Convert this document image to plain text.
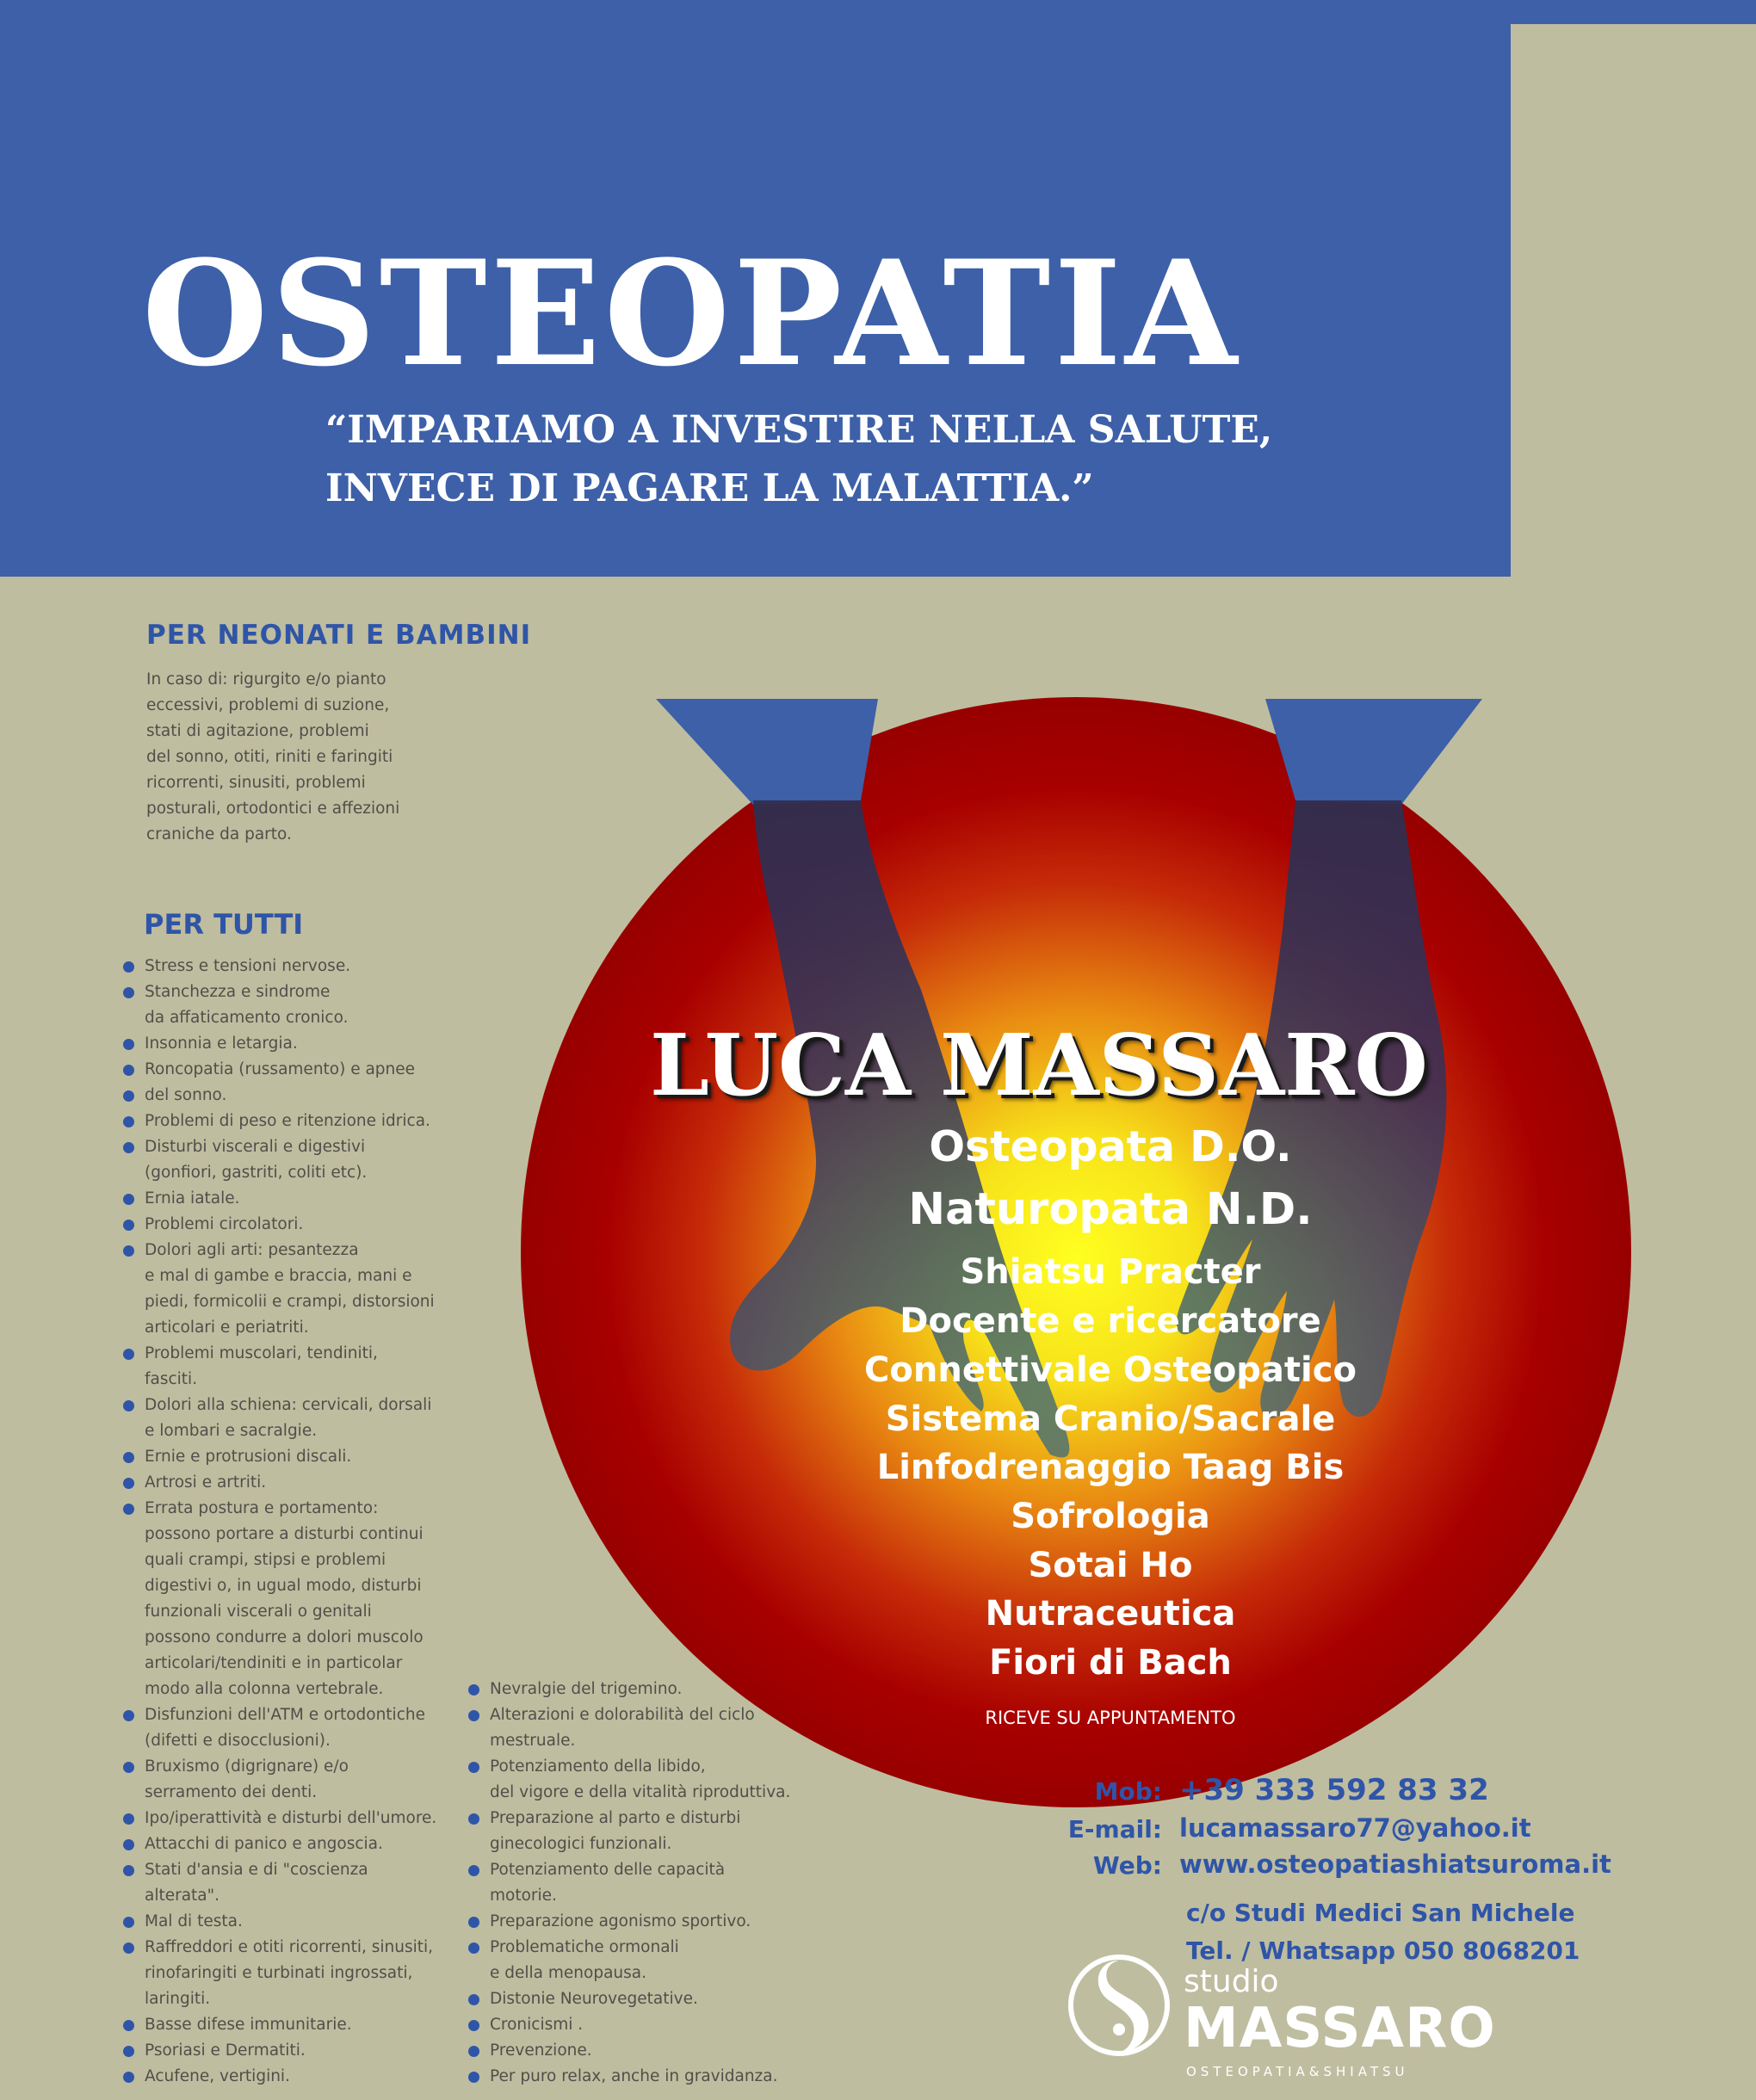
OSTEOPATIA
“IMPARIAMO A INVESTIRE NELLA SALUTE,
INVECE DI PAGARE LA MALATTIA.”
PER NEONATI E BAMBINI
In caso di: rigurgito e/o pianto
eccessivi, problemi di suzione,
stati di agitazione, problemi
del sonno, otiti, riniti e faringiti
ricorrenti, sinusiti, problemi
posturali, ortodontici e affezioni
craniche da parto.
PER TUTTI
Stress e tensioni nervose.
Stanchezza e sindrome
da affaticamento cronico.
Insonnia e letargia.
Roncopatia (russamento) e apnee
del sonno.
Problemi di peso e ritenzione idrica.
Disturbi viscerali e digestivi
(gonfiori, gastriti, coliti etc).
Ernia iatale.
Problemi circolatori.
Dolori agli arti: pesantezza
e mal di gambe e braccia, mani e
piedi, formicolii e crampi, distorsioni
articolari e periatriti.
Problemi muscolari, tendiniti,
fasciti.
Dolori alla schiena: cervicali, dorsali
e lombari e sacralgie.
Ernie e protrusioni discali.
Artrosi e artriti.
Errata postura e portamento:
possono portare a disturbi continui
quali crampi, stipsi e problemi
digestivi o, in ugual modo, disturbi
funzionali viscerali o genitali
possono condurre a dolori muscolo
articolari/tendiniti e in particolar
modo alla colonna vertebrale.
Disfunzioni dell'ATM e ortodontiche
(difetti e disocclusioni).
Bruxismo (digrignare) e/o
serramento dei denti.
Ipo/iperattività e disturbi dell'umore.
Attacchi di panico e angoscia.
Stati d'ansia e di "coscienza
alterata".
Mal di testa.
Raffreddori e otiti ricorrenti, sinusiti,
rinofaringiti e turbinati ingrossati,
laringiti.
Basse difese immunitarie.
Psoriasi e Dermatiti.
Acufene, vertigini.
Nevralgie del trigemino.
Alterazioni e dolorabilità del ciclo
mestruale.
Potenziamento della libido,
del vigore e della vitalità riproduttiva.
Preparazione al parto e disturbi
ginecologici funzionali.
Potenziamento delle capacità
motorie.
Preparazione agonismo sportivo.
Problematiche ormonali
e della menopausa.
Distonie Neurovegetative.
Cronicismi .
Prevenzione.
Per puro relax, anche in gravidanza.
LUCA MASSARO
Osteopata D.O.
Naturopata N.D.
Shiatsu Practer
Docente e ricercatore
Connettivale Osteopatico
Sistema Cranio/Sacrale
Linfodrenaggio Taag Bis
Sofrologia
Sotai Ho
Nutraceutica
Fiori di Bach
RICEVE SU APPUNTAMENTO
Mob: +39 333 592 83 32
E-mail: lucamassaro77@yahoo.it
Web: www.osteopatiashiatsuroma.it
c/o Studi Medici San Michele
Tel. / Whatsapp 050 8068201
studio
MASSARO
OSTEOPATIA&SHIATSU
